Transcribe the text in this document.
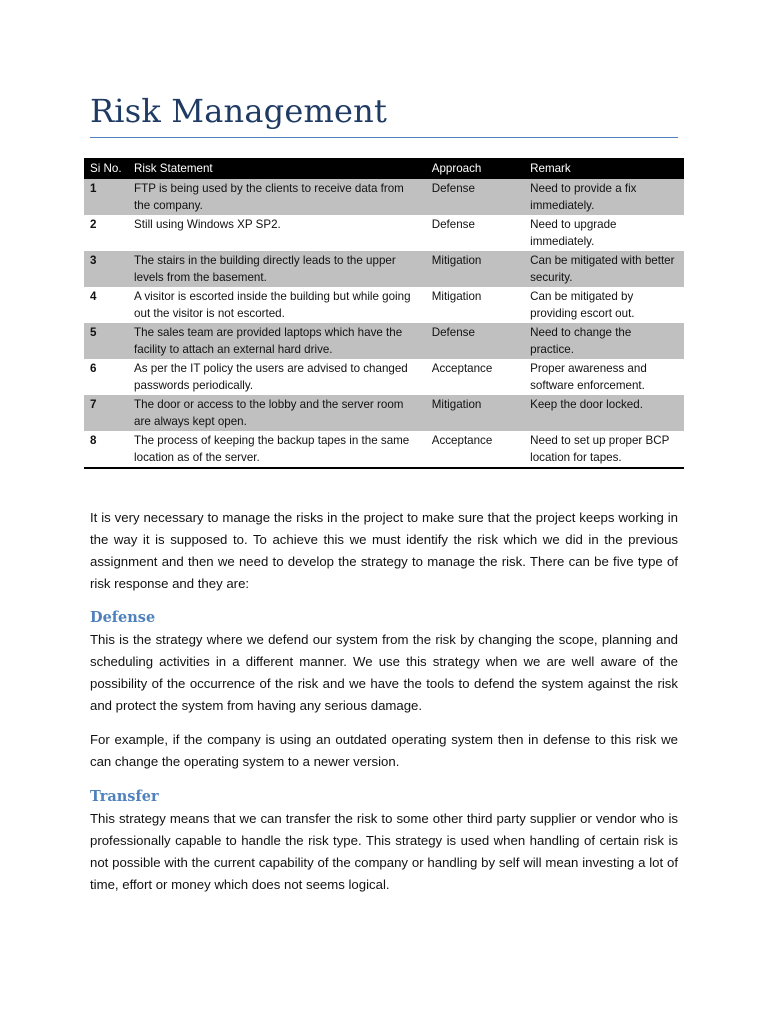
Risk Management
Si No.	Risk Statement	Approach	Remark
1	FTP is being used by the clients to receive data from the company.	Defense	Need to provide a fix immediately.
2	Still using Windows XP SP2.	Defense	Need to upgrade immediately.
3	The stairs in the building directly leads to the upper levels from the basement.	Mitigation	Can be mitigated with better security.
4	A visitor is escorted inside the building but while going out the visitor is not escorted.	Mitigation	Can be mitigated by providing escort out.
5	The sales team are provided laptops which have the facility to attach an external hard drive.	Defense	Need to change the practice.
6	As per the IT policy the users are advised to changed passwords periodically.	Acceptance	Proper awareness and software enforcement.
7	The door or access to the lobby and the server room are always kept open.	Mitigation	Keep the door locked.
8	The process of keeping the backup tapes in the same location as of the server.	Acceptance	Need to set up proper BCP location for tapes.

It is very necessary to manage the risks in the project to make sure that the project keeps working in the way it is supposed to. To achieve this we must identify the risk which we did in the previous assignment and then we need to develop the strategy to manage the risk. There can be five type of risk response and they are:

Defense

This is the strategy where we defend our system from the risk by changing the scope, planning and scheduling activities in a different manner. We use this strategy when we are well aware of the possibility of the occurrence of the risk and we have the tools to defend the system against the risk and protect the system from having any serious damage.

For example, if the company is using an outdated operating system then in defense to this risk we can change the operating system to a newer version.

Transfer

This strategy means that we can transfer the risk to some other third party supplier or vendor who is professionally capable to handle the risk type. This strategy is used when handling of certain risk is not possible with the current capability of the company or handling by self will mean investing a lot of time, effort or money which does not seems logical.
